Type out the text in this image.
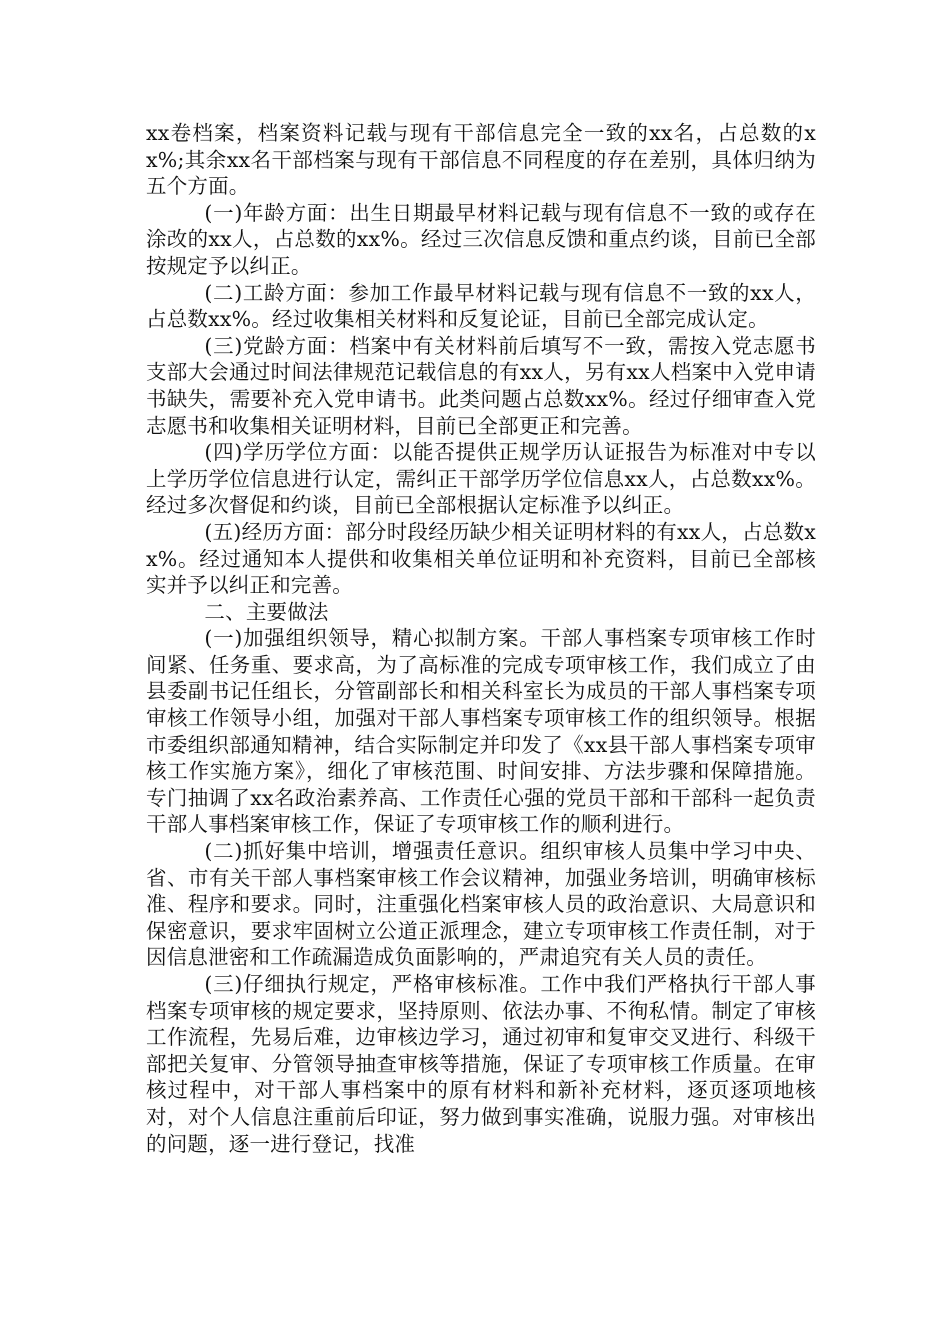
xx卷档案，档案资料记载与现有干部信息完全一致的xx名，占总数的xx%;其余xx名干部档案与现有干部信息不同程度的存在差别，具体归纳为五个方面。

(一)年龄方面：出生日期最早材料记载与现有信息不一致的或存在涂改的xx人，占总数的xx%。经过三次信息反馈和重点约谈，目前已全部按规定予以纠正。

(二)工龄方面：参加工作最早材料记载与现有信息不一致的xx人，占总数xx%。经过收集相关材料和反复论证，目前已全部完成认定。

(三)党龄方面：档案中有关材料前后填写不一致，需按入党志愿书支部大会通过时间法律规范记载信息的有xx人，另有xx人档案中入党申请书缺失，需要补充入党申请书。此类问题占总数xx%。经过仔细审查入党志愿书和收集相关证明材料，目前已全部更正和完善。

(四)学历学位方面：以能否提供正规学历认证报告为标准对中专以上学历学位信息进行认定，需纠正干部学历学位信息xx人，占总数xx%。经过多次督促和约谈，目前已全部根据认定标准予以纠正。

(五)经历方面：部分时段经历缺少相关证明材料的有xx人，占总数xx%。经过通知本人提供和收集相关单位证明和补充资料，目前已全部核实并予以纠正和完善。

二、主要做法

(一)加强组织领导，精心拟制方案。干部人事档案专项审核工作时间紧、任务重、要求高，为了高标准的完成专项审核工作，我们成立了由县委副书记任组长，分管副部长和相关科室长为成员的干部人事档案专项审核工作领导小组，加强对干部人事档案专项审核工作的组织领导。根据市委组织部通知精神，结合实际制定并印发了《xx县干部人事档案专项审核工作实施方案》，细化了审核范围、时间安排、方法步骤和保障措施。专门抽调了xx名政治素养高、工作责任心强的党员干部和干部科一起负责干部人事档案审核工作，保证了专项审核工作的顺利进行。

(二)抓好集中培训，增强责任意识。组织审核人员集中学习中央、省、市有关干部人事档案审核工作会议精神，加强业务培训，明确审核标准、程序和要求。同时，注重强化档案审核人员的政治意识、大局意识和保密意识，要求牢固树立公道正派理念，建立专项审核工作责任制，对于因信息泄密和工作疏漏造成负面影响的，严肃追究有关人员的责任。

(三)仔细执行规定，严格审核标准。工作中我们严格执行干部人事档案专项审核的规定要求，坚持原则、依法办事、不徇私情。制定了审核工作流程，先易后难，边审核边学习，通过初审和复审交叉进行、科级干部把关复审、分管领导抽查审核等措施，保证了专项审核工作质量。在审核过程中，对干部人事档案中的原有材料和新补充材料，逐页逐项地核对，对个人信息注重前后印证，努力做到事实准确，说服力强。对审核出的问题，逐一进行登记，找准
